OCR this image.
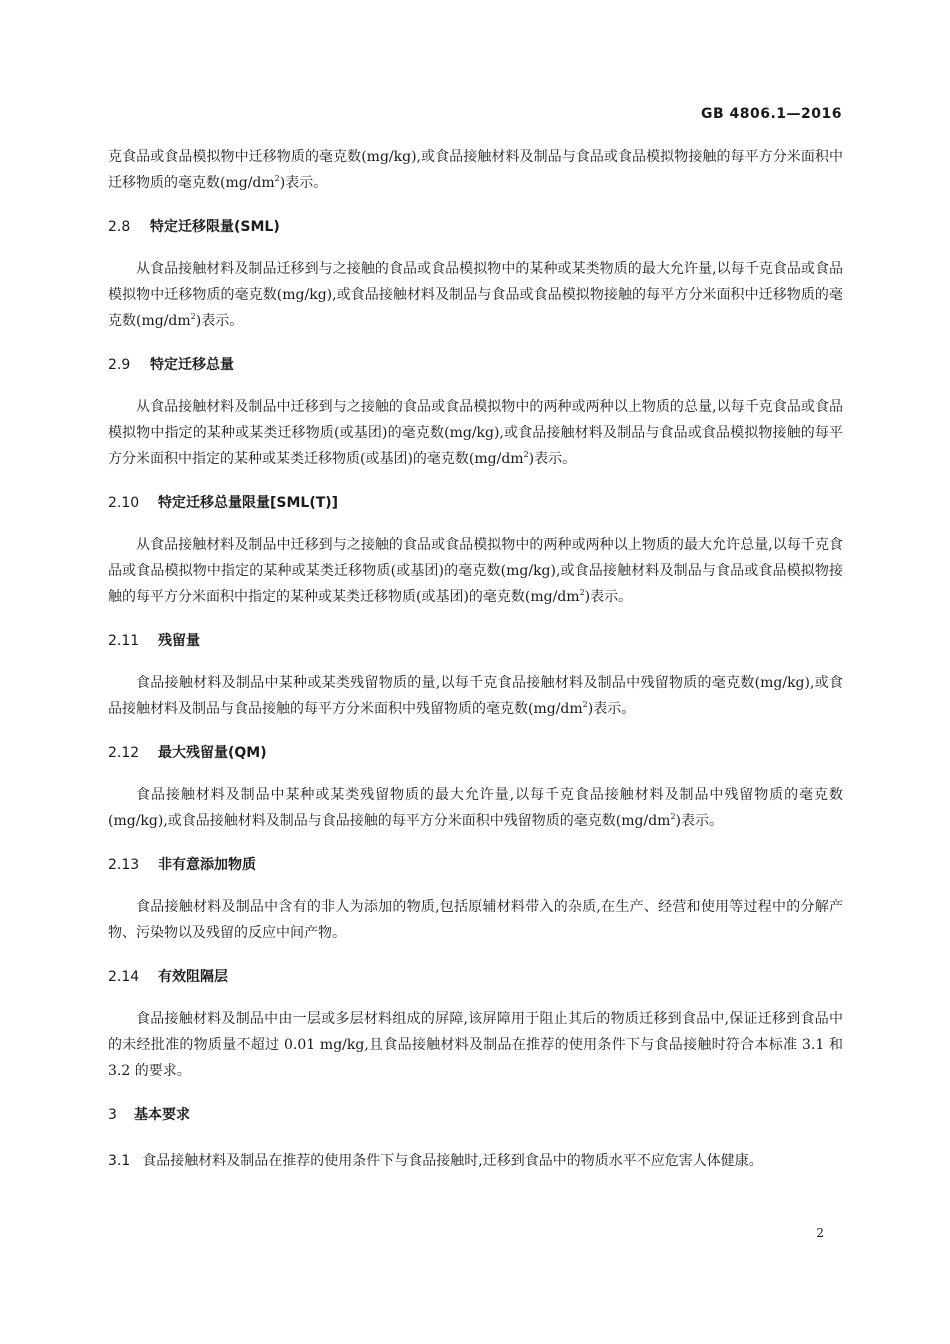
GB 4806.1—2016

克食品或食品模拟物中迁移物质的毫克数(mg/kg),或食品接触材料及制品与食品或食品模拟物接触的每平方分米面积中迁移物质的毫克数$(mg/dm^2)$表示。

2.8 特定迁移限量(SML)

从食品接触材料及制品迁移到与之接触的食品或食品模拟物中的某种或某类物质的最大允许量,以每千克食品或食品模拟物中迁移物质的毫克数(mg/kg),或食品接触材料及制品与食品或食品模拟物接触的每平方分米面积中迁移物质的毫克数$(mg/dm^2)$表示。

2.9 特定迁移总量

从食品接触材料及制品中迁移到与之接触的食品或食品模拟物中的两种或两种以上物质的总量,以每千克食品或食品模拟物中指定的某种或某类迁移物质(或基团)的毫克数(mg/kg),或食品接触材料及制品与食品或食品模拟物接触的每平方分米面积中指定的某种或某类迁移物质(或基团)的毫克数$(mg/dm^2)$表示。

2.10 特定迁移总量限量[SML(T)]

从食品接触材料及制品中迁移到与之接触的食品或食品模拟物中的两种或两种以上物质的最大允许总量,以每千克食品或食品模拟物中指定的某种或某类迁移物质(或基团)的毫克数(mg/kg),或食品接触材料及制品与食品或食品模拟物接触的每平方分米面积中指定的某种或某类迁移物质(或基团)的毫克数$(mg/dm^2)$表示。

2.11 残留量

食品接触材料及制品中某种或某类残留物质的量,以每千克食品接触材料及制品中残留物质的毫克数(mg/kg),或食品接触材料及制品与食品接触的每平方分米面积中残留物质的毫克数$(mg/dm^2)$表示。

2.12 最大残留量(QM)

食品接触材料及制品中某种或某类残留物质的最大允许量,以每千克食品接触材料及制品中残留物质的毫克数(mg/kg),或食品接触材料及制品与食品接触的每平方分米面积中残留物质的毫克数$(mg/dm^2)$表示。

2.13 非有意添加物质

食品接触材料及制品中含有的非人为添加的物质,包括原辅材料带入的杂质,在生产、经营和使用等过程中的分解产物、污染物以及残留的反应中间产物。

2.14 有效阻隔层

食品接触材料及制品中由一层或多层材料组成的屏障,该屏障用于阻止其后的物质迁移到食品中,保证迁移到食品中的未经批准的物质量不超过 0.01 mg/kg,且食品接触材料及制品在推荐的使用条件下与食品接触时符合本标准 3.1 和 3.2 的要求。

3 基本要求

3.1 食品接触材料及制品在推荐的使用条件下与食品接触时,迁移到食品中的物质水平不应危害人体健康。

2
